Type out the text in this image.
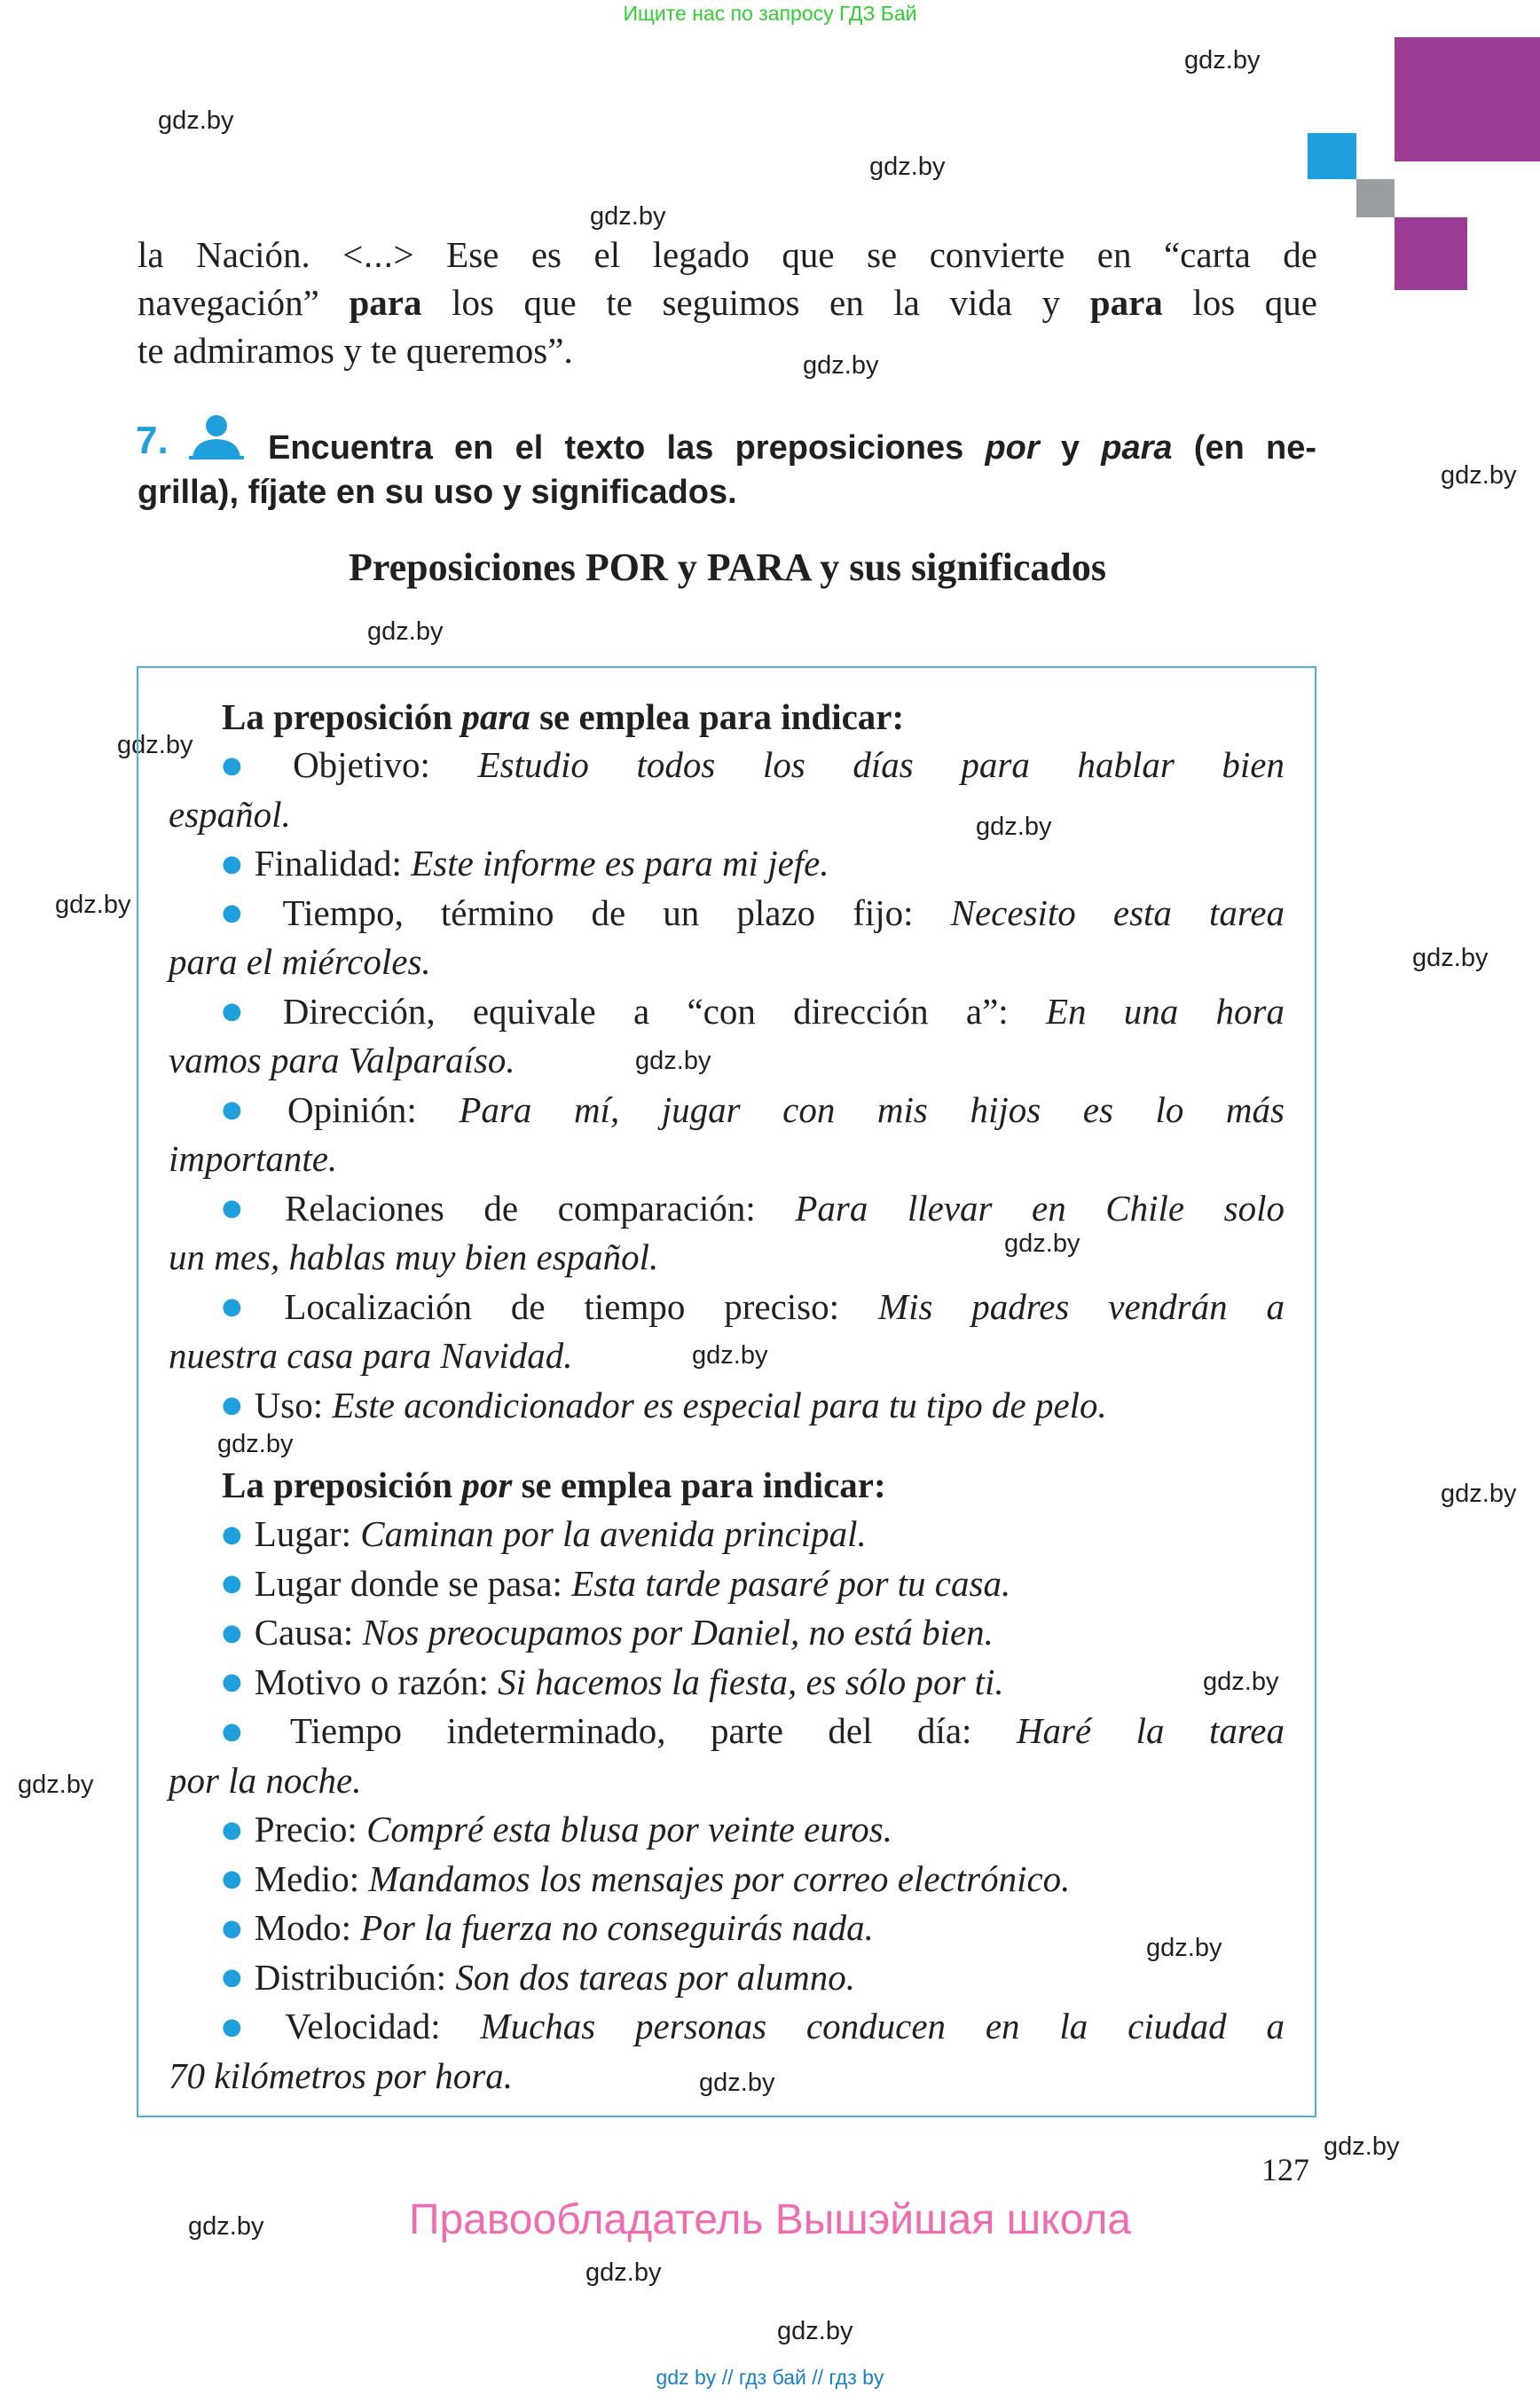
Ищите нас по запросу ГДЗ Бай
gdz.by
gdz.by
gdz.by
gdz.by
gdz.by
gdz.by
gdz.by
gdz.by
gdz.by
gdz.by
gdz.by
gdz.by
gdz.by
gdz.by
gdz.by
gdz.by
gdz.by
gdz.by
gdz.by
gdz.by
gdz.by
gdz.by
gdz.by
gdz.by
la Nación. <...> Ese es el legado que se convierte en “carta de
navegación” para los que te seguimos en la vida y para los que
te admiramos y te queremos”.
7.	Encuentra en el texto las preposiciones por y para (en ne-
grilla), fíjate en su uso y significados.
Preposiciones POR y PARA y sus significados
La preposición para se emplea para indicar:
● Objetivo: Estudio todos los días para hablar bien
español.
● Finalidad: Este informe es para mi jefe.
● Tiempo, término de un plazo fijo: Necesito esta tarea
para el miércoles.
● Dirección, equivale a “con dirección a”: En una hora
vamos para Valparaíso.
● Opinión: Para mí, jugar con mis hijos es lo más
importante.
● Relaciones de comparación: Para llevar en Chile solo
un mes, hablas muy bien español.
● Localización de tiempo preciso: Mis padres vendrán a
nuestra casa para Navidad.
● Uso: Este acondicionador es especial para tu tipo de pelo.
La preposición por se emplea para indicar:
● Lugar: Caminan por la avenida principal.
● Lugar donde se pasa: Esta tarde pasaré por tu casa.
● Causa: Nos preocupamos por Daniel, no está bien.
● Motivo o razón: Si hacemos la fiesta, es sólo por ti.
● Tiempo indeterminado, parte del día: Haré la tarea
por la noche.
● Precio: Compré esta blusa por veinte euros.
● Medio: Mandamos los mensajes por correo electrónico.
● Modo: Por la fuerza no conseguirás nada.
● Distribución: Son dos tareas por alumno.
● Velocidad: Muchas personas conducen en la ciudad a
70 kilómetros por hora.
127
Правообладатель Вышэйшая школа
gdz by // гдз бай // гдз by
